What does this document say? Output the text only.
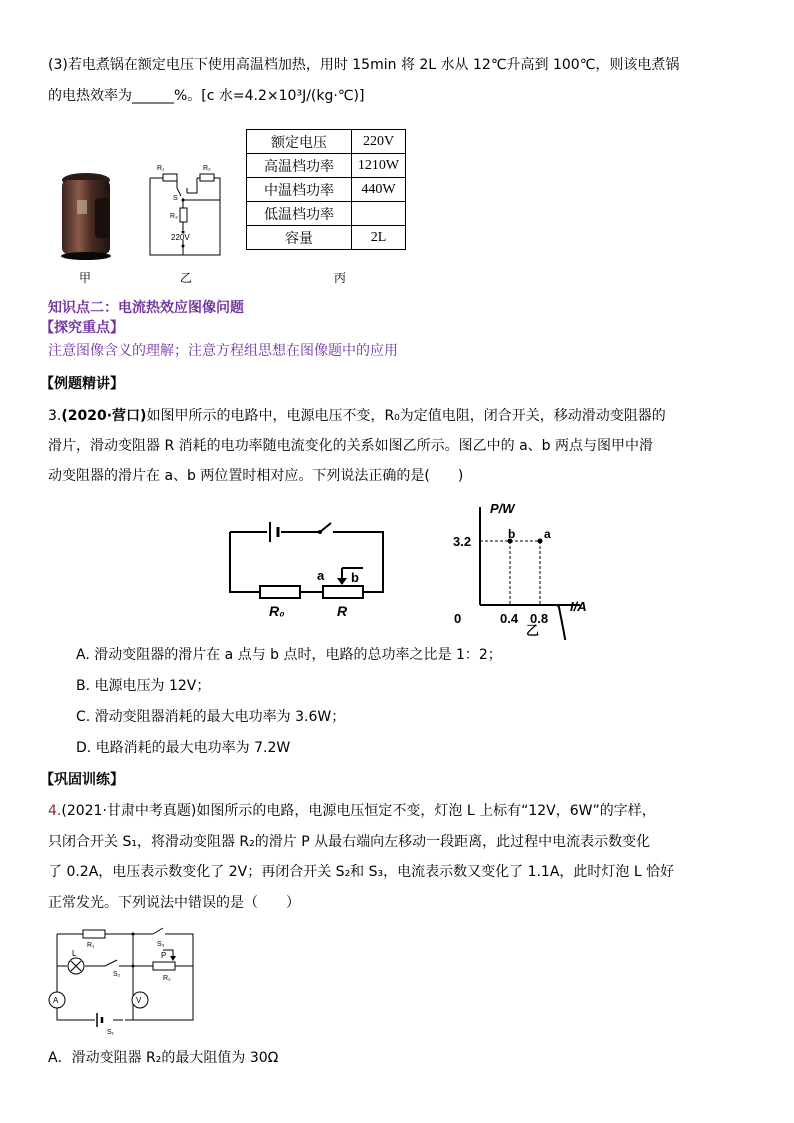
(3)若电煮锅在额定电压下使用高温档加热，用时 15min 将 2L 水从 12℃升高到 100℃，则该电煮锅
的电热效率为______%。[c 水=4.2×10³J/(kg·℃)]
甲
R₁	R₂
S
R₃
220V
乙
额定电压	220V
高温档功率	1210W
中温档功率	440W
低温档功率	
容量	2L
丙
知识点二：电流热效应图像问题
【探究重点】
注意图像含义的理解；注意方程组思想在图像题中的应用
【例题精讲】
3.(2020·营口)如图甲所示的电路中，电源电压不变，R₀为定值电阻，闭合开关，移动滑动变阻器的
滑片，滑动变阻器 R 消耗的电功率随电流变化的关系如图乙所示。图乙中的 a、b 两点与图甲中滑
动变阻器的滑片在 a、b 两位置时相对应。下列说法正确的是(　　)
a b
R₀	R
b a
0	0.4 0.8
3.2
P/W
I/A
乙
A. 滑动变阻器的滑片在 a 点与 b 点时，电路的总功率之比是 1：2；
B. 电源电压为 12V；
C. 滑动变阻器消耗的最大电功率为 3.6W；
D. 电路消耗的最大电功率为 7.2W
【巩固训练】
4.(2021·甘肃中考真题)如图所示的电路，电源电压恒定不变，灯泡 L 上标有“12V，6W”的字样，
只闭合开关 S₁，将滑动变阻器 R₂的滑片 P 从最右端向左移动一段距离，此过程中电流表示数变化
了 0.2A，电压表示数变化了 2V；再闭合开关 S₂和 S₃，电流表示数又变化了 1.1A，此时灯泡 L 恰好
正常发光。下列说法中错误的是（　　）
R₁	S₃
L
S₂
P
R₂
A	V
S₁
A．滑动变阻器 R₂的最大阻值为 30Ω
